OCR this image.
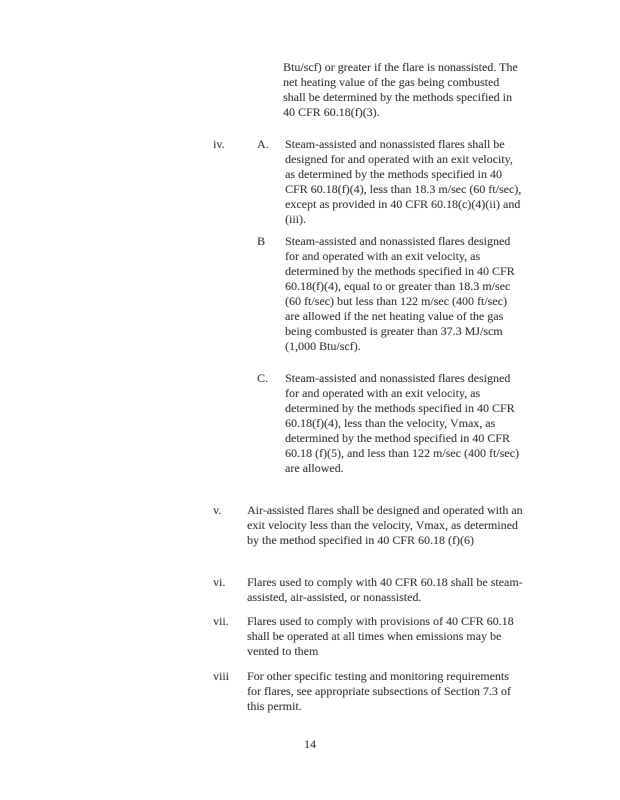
Btu/scf) or greater if the flare is nonassisted. The net heating value of the gas being combusted shall be determined by the methods specified in 40 CFR 60.18(f)(3).
iv.	A.	Steam-assisted and nonassisted flares shall be designed for and operated with an exit velocity, as determined by the methods specified in 40 CFR 60.18(f)(4), less than 18.3 m/sec (60 ft/sec), except as provided in 40 CFR 60.18(c)(4)(ii) and (iii).
B	Steam-assisted and nonassisted flares designed for and operated with an exit velocity, as determined by the methods specified in 40 CFR 60.18(f)(4), equal to or greater than 18.3 m/sec (60 ft/sec) but less than 122 m/sec (400 ft/sec) are allowed if the net heating value of the gas being combusted is greater than 37.3 MJ/scm (1,000 Btu/scf).
C.	Steam-assisted and nonassisted flares designed for and operated with an exit velocity, as determined by the methods specified in 40 CFR 60.18(f)(4), less than the velocity, Vmax, as determined by the method specified in 40 CFR 60.18 (f)(5), and less than 122 m/sec (400 ft/sec) are allowed.
v.	Air-assisted flares shall be designed and operated with an exit velocity less than the velocity, Vmax, as determined by the method specified in 40 CFR 60.18 (f)(6)
vi.	Flares used to comply with 40 CFR 60.18 shall be steam-assisted, air-assisted, or nonassisted.
vii.	Flares used to comply with provisions of 40 CFR 60.18 shall be operated at all times when emissions may be vented to them
viii	For other specific testing and monitoring requirements for flares, see appropriate subsections of Section 7.3 of this permit.
14
